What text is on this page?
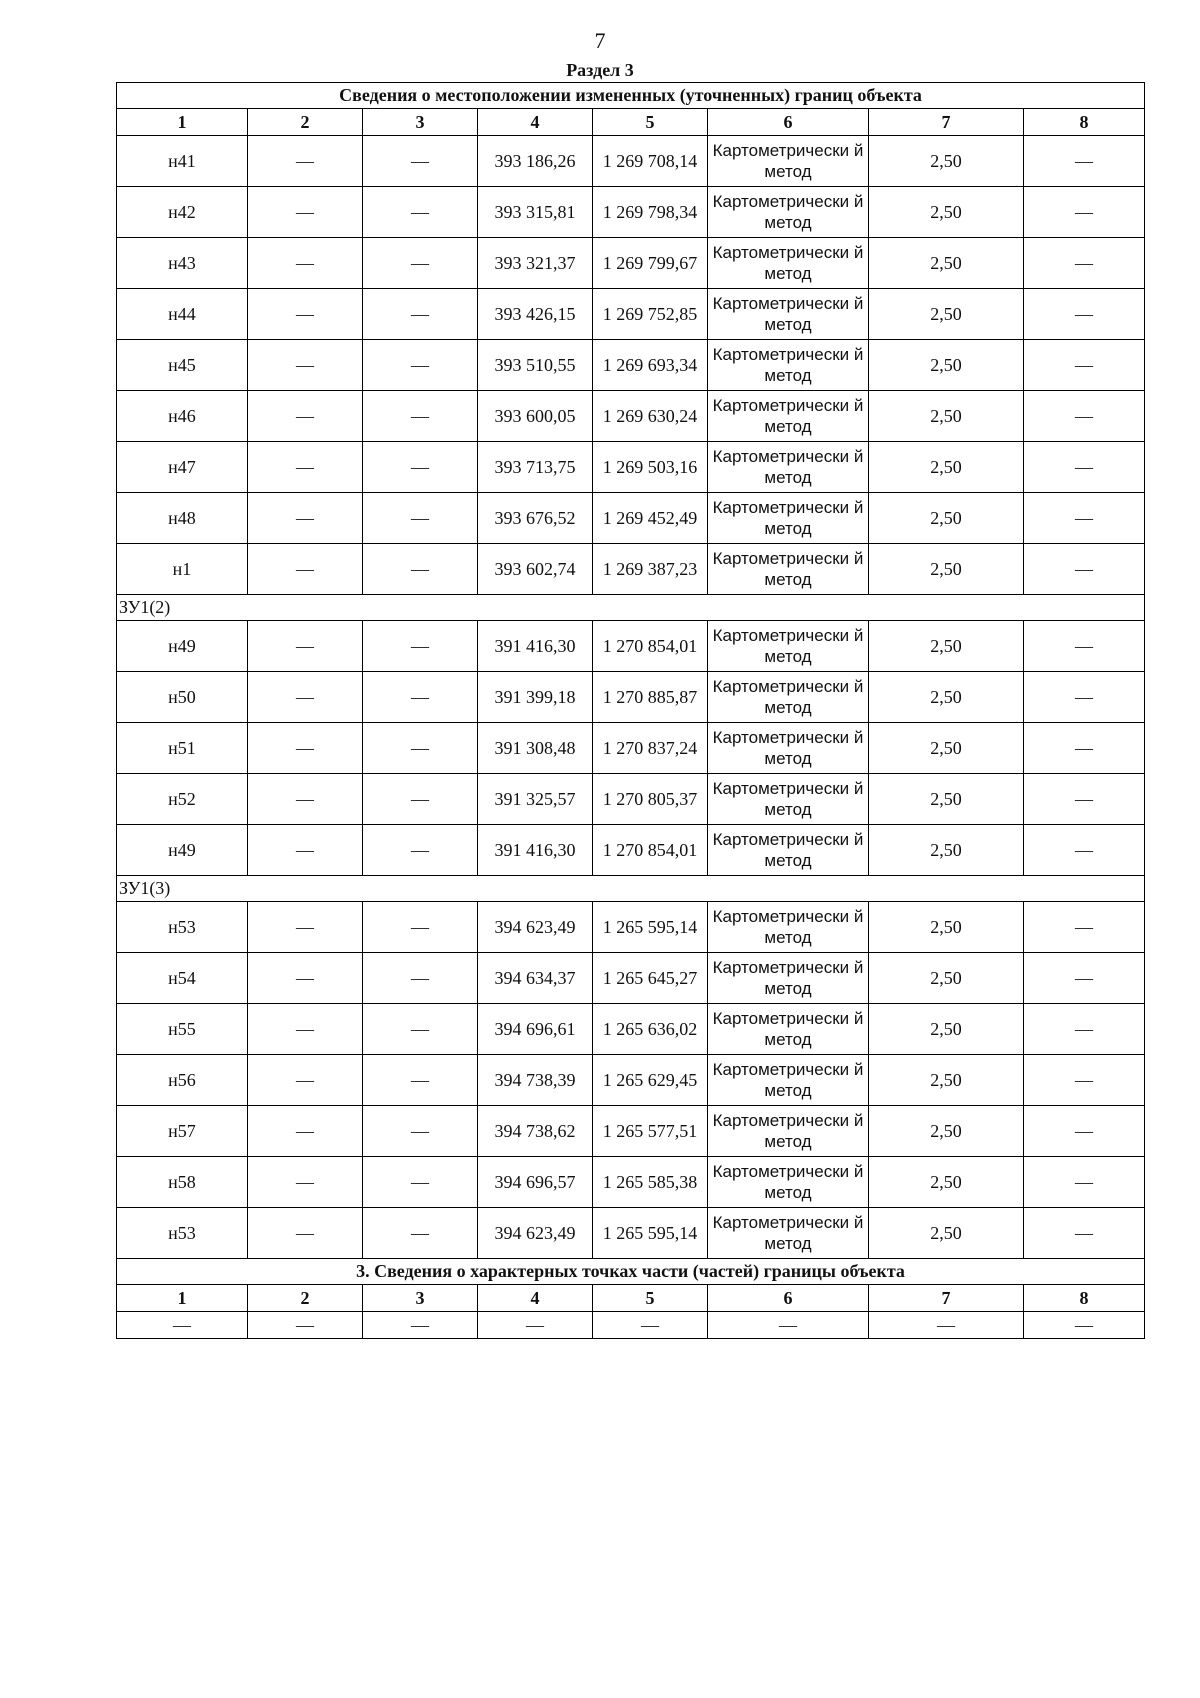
7
Раздел 3
Сведения о местоположении измененных (уточненных) границ объекта							
1	2	3	4	5	6	7	8
н41	—	—	393 186,26	1 269 708,14	Картометрически й метод	2,50	—
н42	—	—	393 315,81	1 269 798,34	Картометрически й метод	2,50	—
н43	—	—	393 321,37	1 269 799,67	Картометрически й метод	2,50	—
н44	—	—	393 426,15	1 269 752,85	Картометрически й метод	2,50	—
н45	—	—	393 510,55	1 269 693,34	Картометрически й метод	2,50	—
н46	—	—	393 600,05	1 269 630,24	Картометрически й метод	2,50	—
н47	—	—	393 713,75	1 269 503,16	Картометрически й метод	2,50	—
н48	—	—	393 676,52	1 269 452,49	Картометрически й метод	2,50	—
н1	—	—	393 602,74	1 269 387,23	Картометрически й метод	2,50	—
ЗУ1(2)							
н49	—	—	391 416,30	1 270 854,01	Картометрически й метод	2,50	—
н50	—	—	391 399,18	1 270 885,87	Картометрически й метод	2,50	—
н51	—	—	391 308,48	1 270 837,24	Картометрически й метод	2,50	—
н52	—	—	391 325,57	1 270 805,37	Картометрически й метод	2,50	—
н49	—	—	391 416,30	1 270 854,01	Картометрически й метод	2,50	—
ЗУ1(3)							
н53	—	—	394 623,49	1 265 595,14	Картометрически й метод	2,50	—
н54	—	—	394 634,37	1 265 645,27	Картометрически й метод	2,50	—
н55	—	—	394 696,61	1 265 636,02	Картометрически й метод	2,50	—
н56	—	—	394 738,39	1 265 629,45	Картометрически й метод	2,50	—
н57	—	—	394 738,62	1 265 577,51	Картометрически й метод	2,50	—
н58	—	—	394 696,57	1 265 585,38	Картометрически й метод	2,50	—
н53	—	—	394 623,49	1 265 595,14	Картометрически й метод	2,50	—
3. Сведения о характерных точках части (частей) границы объекта							
1	2	3	4	5	6	7	8
—	—	—	—	—	—	—	—
